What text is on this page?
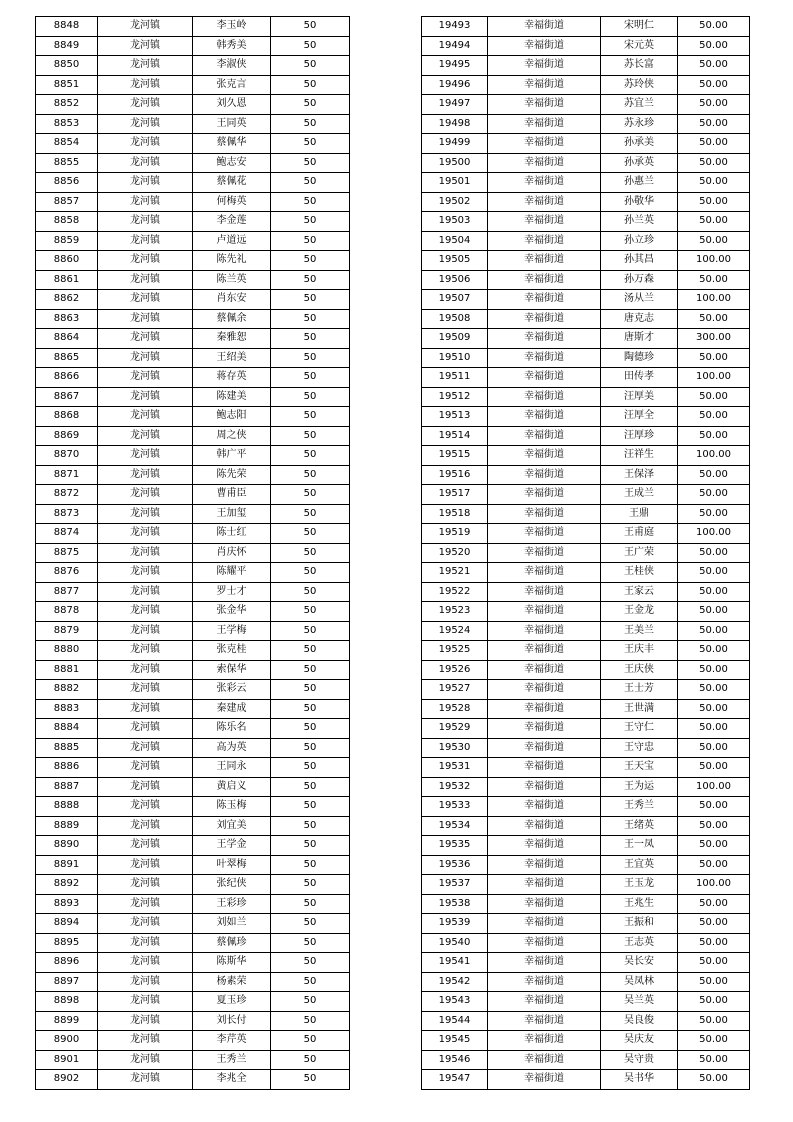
8848	龙河镇	李玉岭	50
8849	龙河镇	韩秀美	50
8850	龙河镇	李淑侠	50
8851	龙河镇	张克言	50
8852	龙河镇	刘久恩	50
8853	龙河镇	王同英	50
8854	龙河镇	蔡佩华	50
8855	龙河镇	鲍志安	50
8856	龙河镇	蔡佩花	50
8857	龙河镇	何梅英	50
8858	龙河镇	李金莲	50
8859	龙河镇	卢道远	50
8860	龙河镇	陈先礼	50
8861	龙河镇	陈兰英	50
8862	龙河镇	肖东安	50
8863	龙河镇	蔡佩余	50
8864	龙河镇	秦雅恕	50
8865	龙河镇	王绍美	50
8866	龙河镇	蒋存英	50
8867	龙河镇	陈建美	50
8868	龙河镇	鲍志阳	50
8869	龙河镇	周之侠	50
8870	龙河镇	韩广平	50
8871	龙河镇	陈先荣	50
8872	龙河镇	曹甫臣	50
8873	龙河镇	王加玺	50
8874	龙河镇	陈士红	50
8875	龙河镇	肖庆怀	50
8876	龙河镇	陈耀平	50
8877	龙河镇	罗士才	50
8878	龙河镇	张金华	50
8879	龙河镇	王学梅	50
8880	龙河镇	张克桂	50
8881	龙河镇	索保华	50
8882	龙河镇	张彩云	50
8883	龙河镇	秦建成	50
8884	龙河镇	陈乐名	50
8885	龙河镇	高为英	50
8886	龙河镇	王同永	50
8887	龙河镇	黄启义	50
8888	龙河镇	陈玉梅	50
8889	龙河镇	刘宜美	50
8890	龙河镇	王学金	50
8891	龙河镇	叶翠梅	50
8892	龙河镇	张纪侠	50
8893	龙河镇	王彩珍	50
8894	龙河镇	刘如兰	50
8895	龙河镇	蔡佩珍	50
8896	龙河镇	陈斯华	50
8897	龙河镇	杨素荣	50
8898	龙河镇	夏玉珍	50
8899	龙河镇	刘长付	50
8900	龙河镇	李芹英	50
8901	龙河镇	王秀兰	50
8902	龙河镇	李兆全	50
19493	幸福街道	宋明仁	50.00
19494	幸福街道	宋元英	50.00
19495	幸福街道	苏长富	50.00
19496	幸福街道	苏玲侠	50.00
19497	幸福街道	苏宜兰	50.00
19498	幸福街道	苏永珍	50.00
19499	幸福街道	孙承美	50.00
19500	幸福街道	孙承英	50.00
19501	幸福街道	孙惠兰	50.00
19502	幸福街道	孙敬华	50.00
19503	幸福街道	孙兰英	50.00
19504	幸福街道	孙立珍	50.00
19505	幸福街道	孙其昌	100.00
19506	幸福街道	孙万森	50.00
19507	幸福街道	汤从兰	100.00
19508	幸福街道	唐克志	50.00
19509	幸福街道	唐斯才	300.00
19510	幸福街道	陶德珍	50.00
19511	幸福街道	田传孝	100.00
19512	幸福街道	汪厚美	50.00
19513	幸福街道	汪厚全	50.00
19514	幸福街道	汪厚珍	50.00
19515	幸福街道	汪祥生	100.00
19516	幸福街道	王保泽	50.00
19517	幸福街道	王成兰	50.00
19518	幸福街道	王鼎	50.00
19519	幸福街道	王甫庭	100.00
19520	幸福街道	王广荣	50.00
19521	幸福街道	王桂侠	50.00
19522	幸福街道	王家云	50.00
19523	幸福街道	王金龙	50.00
19524	幸福街道	王美兰	50.00
19525	幸福街道	王庆丰	50.00
19526	幸福街道	王庆侠	50.00
19527	幸福街道	王士芳	50.00
19528	幸福街道	王世满	50.00
19529	幸福街道	王守仁	50.00
19530	幸福街道	王守忠	50.00
19531	幸福街道	王天宝	50.00
19532	幸福街道	王为运	100.00
19533	幸福街道	王秀兰	50.00
19534	幸福街道	王绪英	50.00
19535	幸福街道	王一凤	50.00
19536	幸福街道	王宜英	50.00
19537	幸福街道	王玉龙	100.00
19538	幸福街道	王兆生	50.00
19539	幸福街道	王振和	50.00
19540	幸福街道	王志英	50.00
19541	幸福街道	吴长安	50.00
19542	幸福街道	吴凤林	50.00
19543	幸福街道	吴兰英	50.00
19544	幸福街道	吴良俊	50.00
19545	幸福街道	吴庆友	50.00
19546	幸福街道	吴守贵	50.00
19547	幸福街道	吴书华	50.00
